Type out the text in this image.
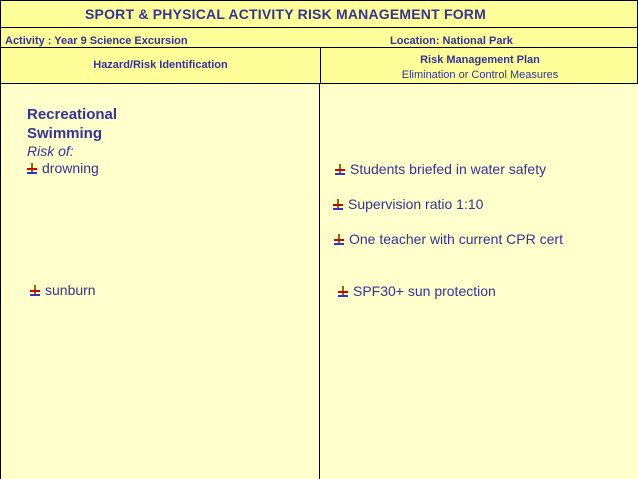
SPORT & PHYSICAL ACTIVITY RISK MANAGEMENT FORM
Activity : Year 9 Science Excursion	Location: National Park
Hazard/Risk Identification	Risk Management Plan
Elimination or Control Measures
Recreational
Swimming
Risk of:
drowning
sunburn
Students briefed in water safety
Supervision ratio 1:10
One teacher with current CPR cert
SPF30+ sun protection
